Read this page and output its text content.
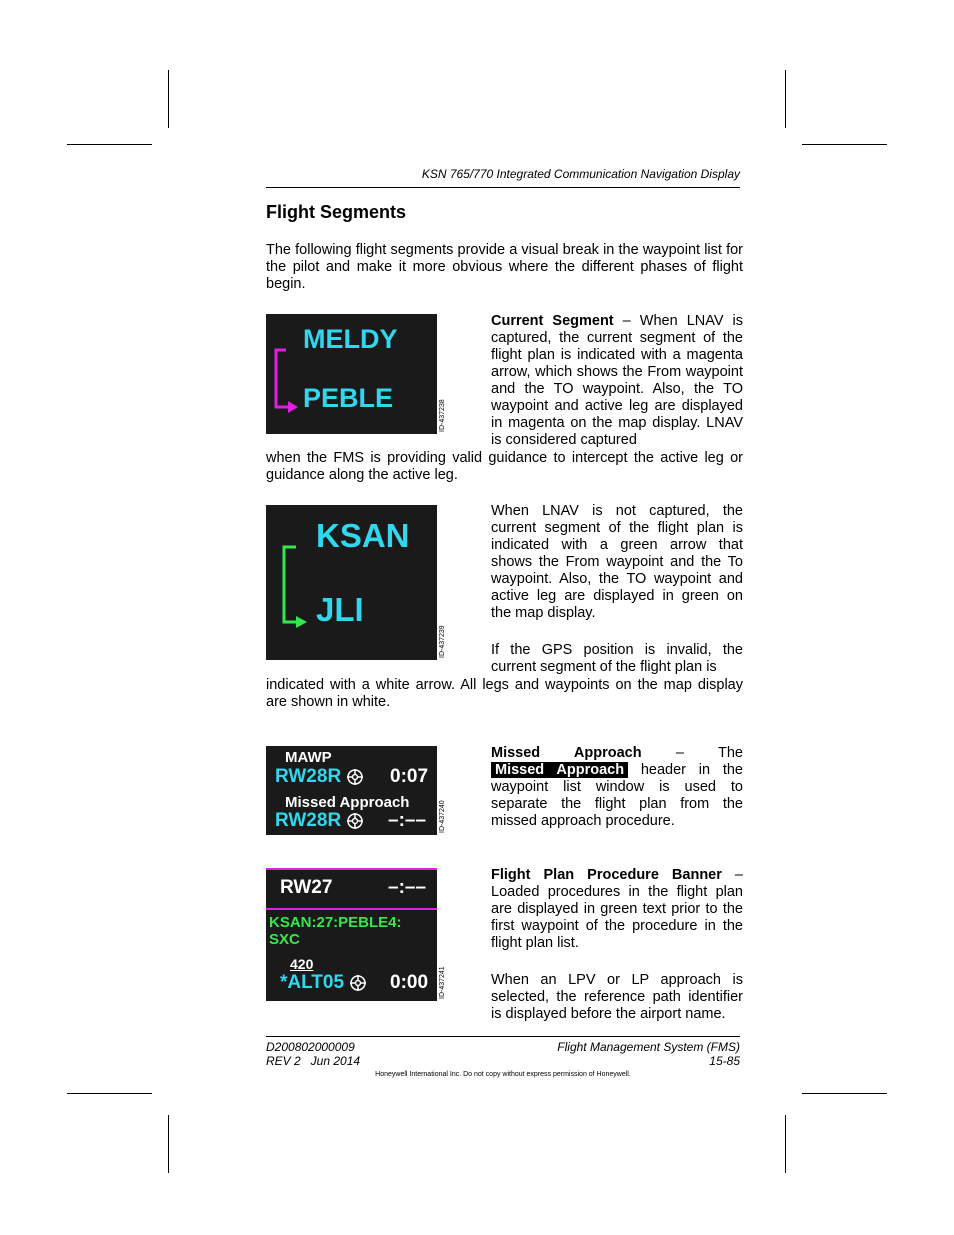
KSN 765/770 Integrated Communication Navigation Display
Flight Segments
The following flight segments provide a visual break in the waypoint list for the pilot and make it more obvious where the different phases of flight begin.
MELDY
PEBLE
ID-437238
Current Segment – When LNAV is captured, the current segment of the flight plan is indicated with a magenta arrow, which shows the From waypoint and the TO waypoint. Also, the TO waypoint and active leg are displayed in magenta on the map display. LNAV is considered captured
when the FMS is providing valid guidance to intercept the active leg or guidance along the active leg.
KSAN
JLI
ID-437239
When LNAV is not captured, the current segment of the flight plan is indicated with a green arrow that shows the From waypoint and the To waypoint. Also, the TO waypoint and active leg are displayed in green on the map display.
If the GPS position is invalid, the current segment of the flight plan is
indicated with a white arrow. All legs and waypoints on the map display are shown in white.
MAWP
RW28R	0:07
Missed Approach
RW28R	–:–– ID-437240
Missed Approach – The
Missed Approach header in the waypoint list window is used to separate the flight plan from the missed approach procedure.
RW27	–:––
KSAN:27:PEBLE4:
SXC
420
*ALT05	0:00 ID-437241
Flight Plan Procedure Banner – Loaded procedures in the flight plan are displayed in green text prior to the first waypoint of the procedure in the flight plan list.
When an LPV or LP approach is selected, the reference path identifier is displayed before the airport name.
D200802000009
REV 2   Jun 2014
Flight Management System (FMS)
15-85
Honeywell International Inc. Do not copy without express permission of Honeywell.
